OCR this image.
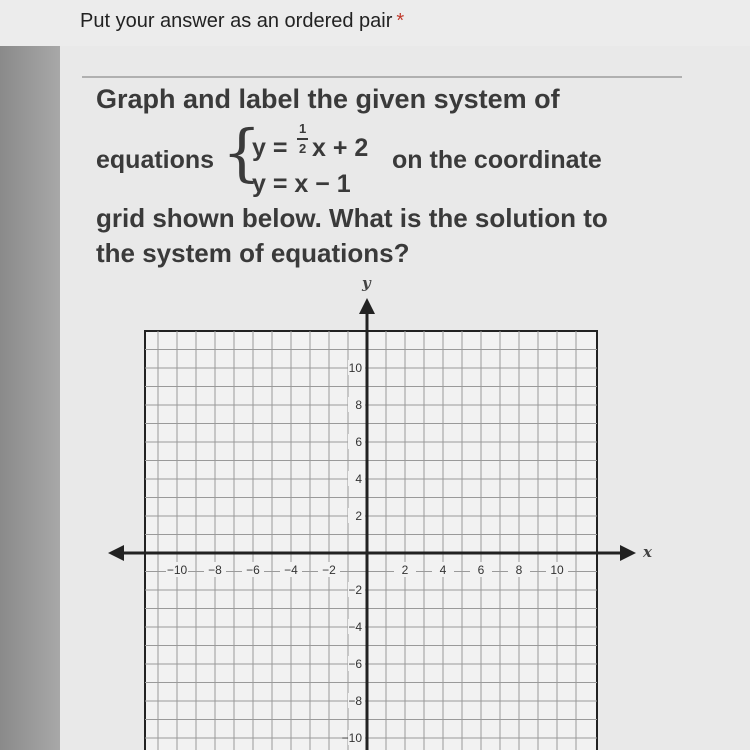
Put your answer as an ordered pair *
Graph and label the given system of
equations {
y =
1
2 x + 2
y = x − 1
on the coordinate
grid shown below. What is the solution to
the system of equations?
y
x
−10 −8 −6 −4 −2	2	4	6	8 10
10
8
6
4
2
−2
−4
−6
−8
−10
